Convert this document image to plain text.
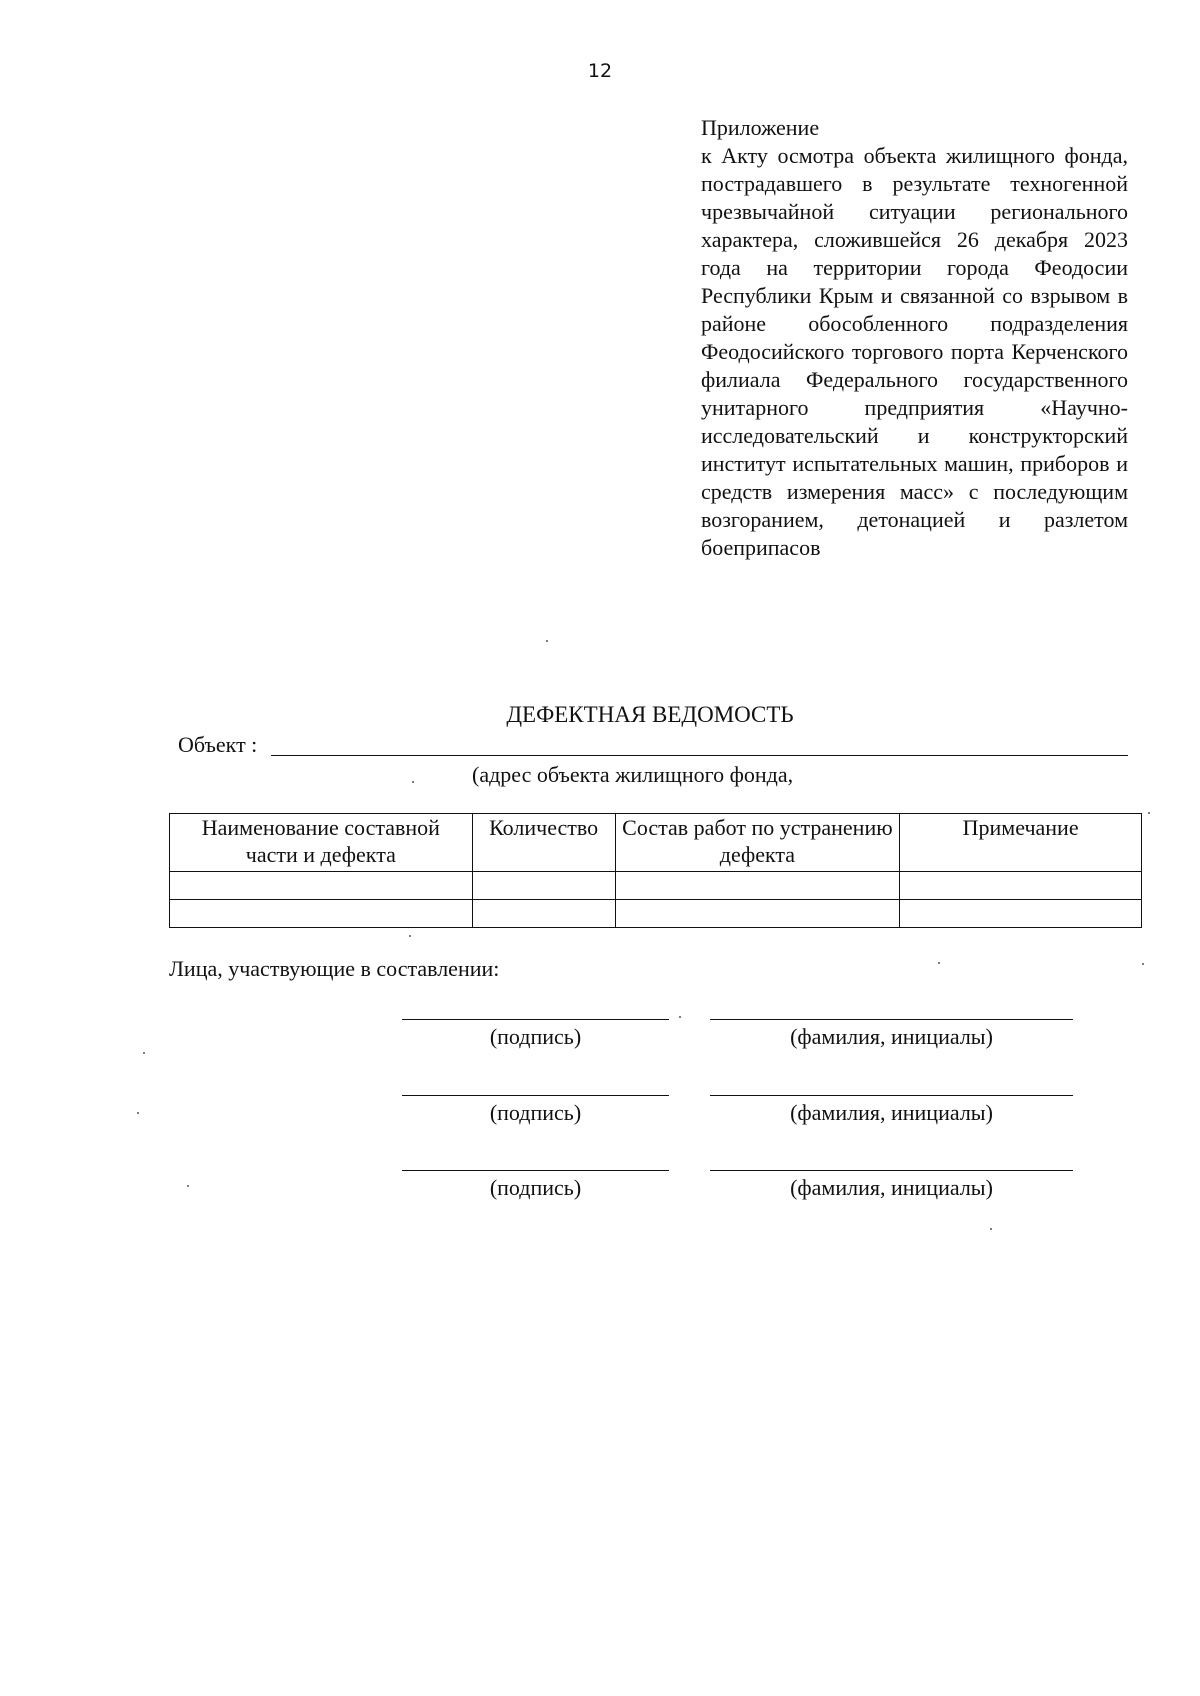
12
Приложение
к Акту осмотра объекта жилищного фонда, пострадавшего в результате техногенной чрезвычайной ситуации регионального характера, сложившейся 26 декабря 2023 года на территории города Феодосии Республики Крым и связанной со взрывом в районе обособленного подразделения Феодосийского торгового порта Керченского филиала Федерального государственного унитарного предприятия «Научно-исследовательский и конструкторский институт испытательных машин, приборов и средств измерения масс» с последующим возгоранием, детонацией и разлетом боеприпасов
ДЕФЕКТНАЯ ВЕДОМОСТЬ
Объект :
(адрес объекта жилищного фонда,
Наименование составной части и дефекта	Количество	Состав работ по устранению дефекта	Примечание

Лица, участвующие в составлении:
(подпись)	(фамилия, инициалы)
(подпись)	(фамилия, инициалы)
(подпись)	(фамилия, инициалы)
